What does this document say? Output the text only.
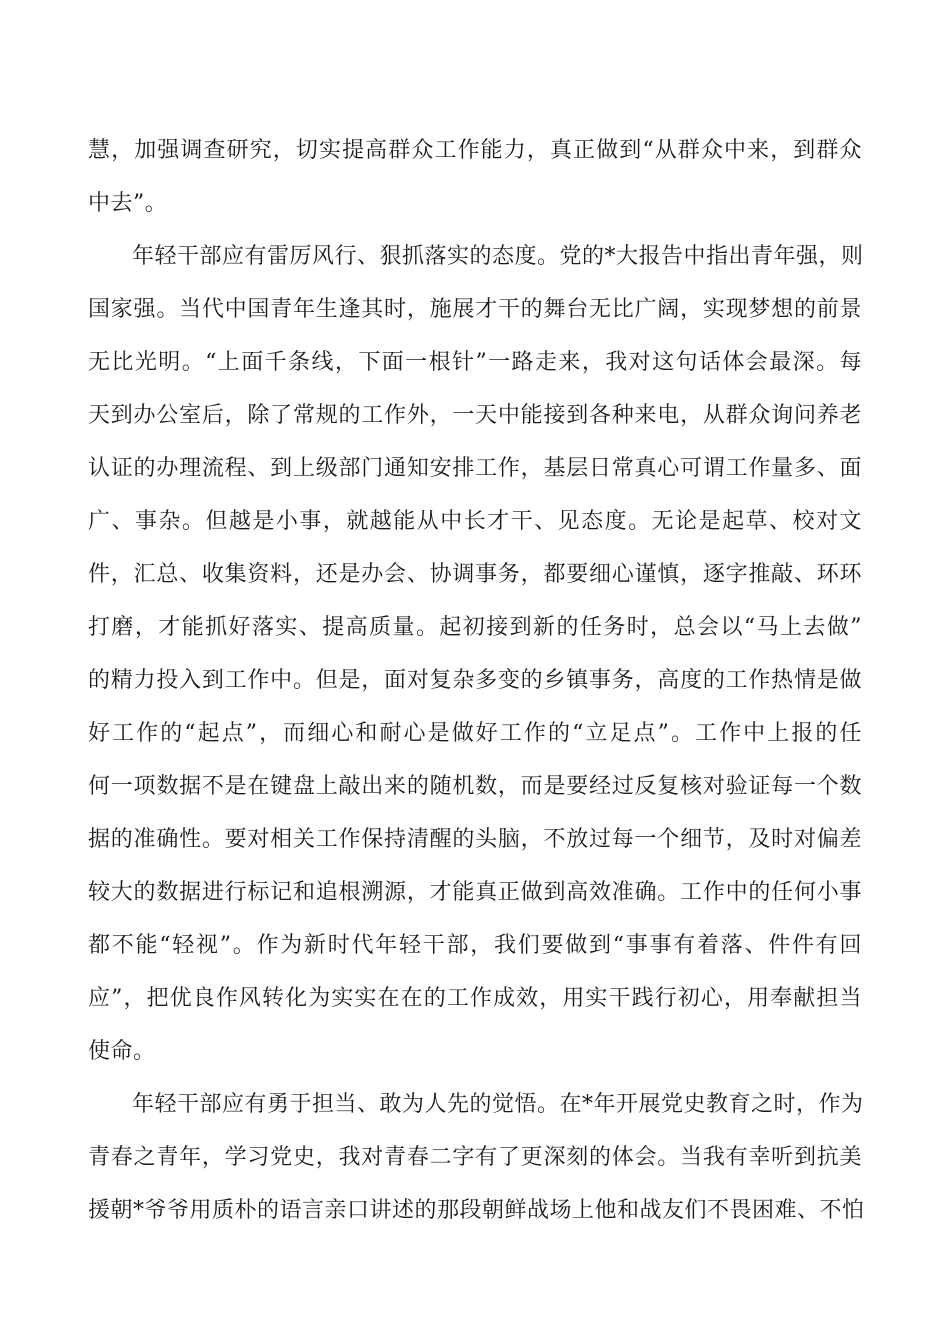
慧，加强调查研究，切实提高群众工作能力，真正做到“从群众中来，到群众
中去”。
年轻干部应有雷厉风行、狠抓落实的态度。党的*大报告中指出青年强，则
国家强。当代中国青年生逢其时，施展才干的舞台无比广阔，实现梦想的前景
无比光明。“上面千条线，下面一根针”一路走来，我对这句话体会最深。每
天到办公室后，除了常规的工作外，一天中能接到各种来电，从群众询问养老
认证的办理流程、到上级部门通知安排工作，基层日常真心可谓工作量多、面
广、事杂。但越是小事，就越能从中长才干、见态度。无论是起草、校对文
件，汇总、收集资料，还是办会、协调事务，都要细心谨慎，逐字推敲、环环
打磨，才能抓好落实、提高质量。起初接到新的任务时，总会以“马上去做”
的精力投入到工作中。但是，面对复杂多变的乡镇事务，高度的工作热情是做
好工作的“起点”，而细心和耐心是做好工作的“立足点”。工作中上报的任
何一项数据不是在键盘上敲出来的随机数，而是要经过反复核对验证每一个数
据的准确性。要对相关工作保持清醒的头脑，不放过每一个细节，及时对偏差
较大的数据进行标记和追根溯源，才能真正做到高效准确。工作中的任何小事
都不能“轻视”。作为新时代年轻干部，我们要做到“事事有着落、件件有回
应”，把优良作风转化为实实在在的工作成效，用实干践行初心，用奉献担当
使命。
年轻干部应有勇于担当、敢为人先的觉悟。在*年开展党史教育之时，作为
青春之青年，学习党史，我对青春二字有了更深刻的体会。当我有幸听到抗美
援朝*爷爷用质朴的语言亲口讲述的那段朝鲜战场上他和战友们不畏困难、不怕
